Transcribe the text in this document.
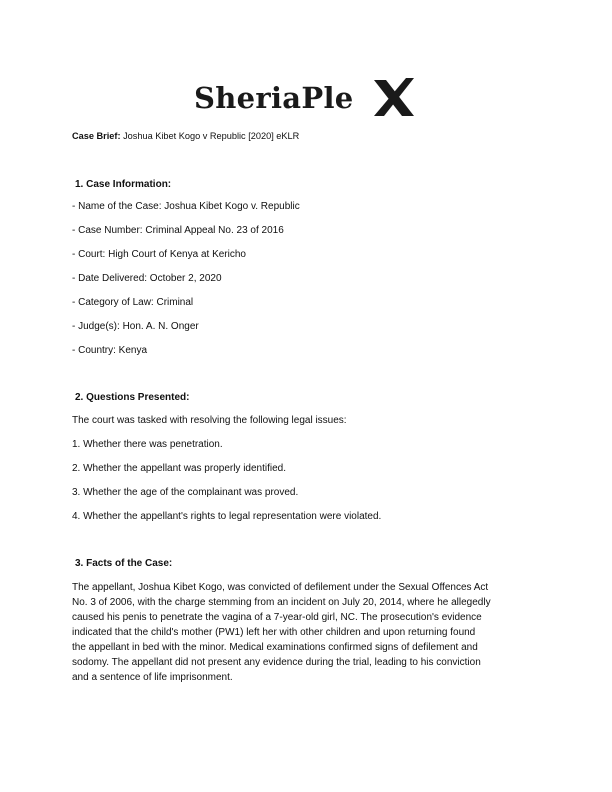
SheriaPle
Case Brief: Joshua Kibet Kogo v Republic [2020] eKLR
1. Case Information:
- Name of the Case: Joshua Kibet Kogo v. Republic
- Case Number: Criminal Appeal No. 23 of 2016
- Court: High Court of Kenya at Kericho
- Date Delivered: October 2, 2020
- Category of Law: Criminal
- Judge(s): Hon. A. N. Onger
- Country: Kenya
2. Questions Presented:
The court was tasked with resolving the following legal issues:
1. Whether there was penetration.
2. Whether the appellant was properly identified.
3. Whether the age of the complainant was proved.
4. Whether the appellant's rights to legal representation were violated.
3. Facts of the Case:
The appellant, Joshua Kibet Kogo, was convicted of defilement under the Sexual Offences Act
No. 3 of 2006, with the charge stemming from an incident on July 20, 2014, where he allegedly
caused his penis to penetrate the vagina of a 7-year-old girl, NC. The prosecution's evidence
indicated that the child's mother (PW1) left her with other children and upon returning found
the appellant in bed with the minor. Medical examinations confirmed signs of defilement and
sodomy. The appellant did not present any evidence during the trial, leading to his conviction
and a sentence of life imprisonment.
